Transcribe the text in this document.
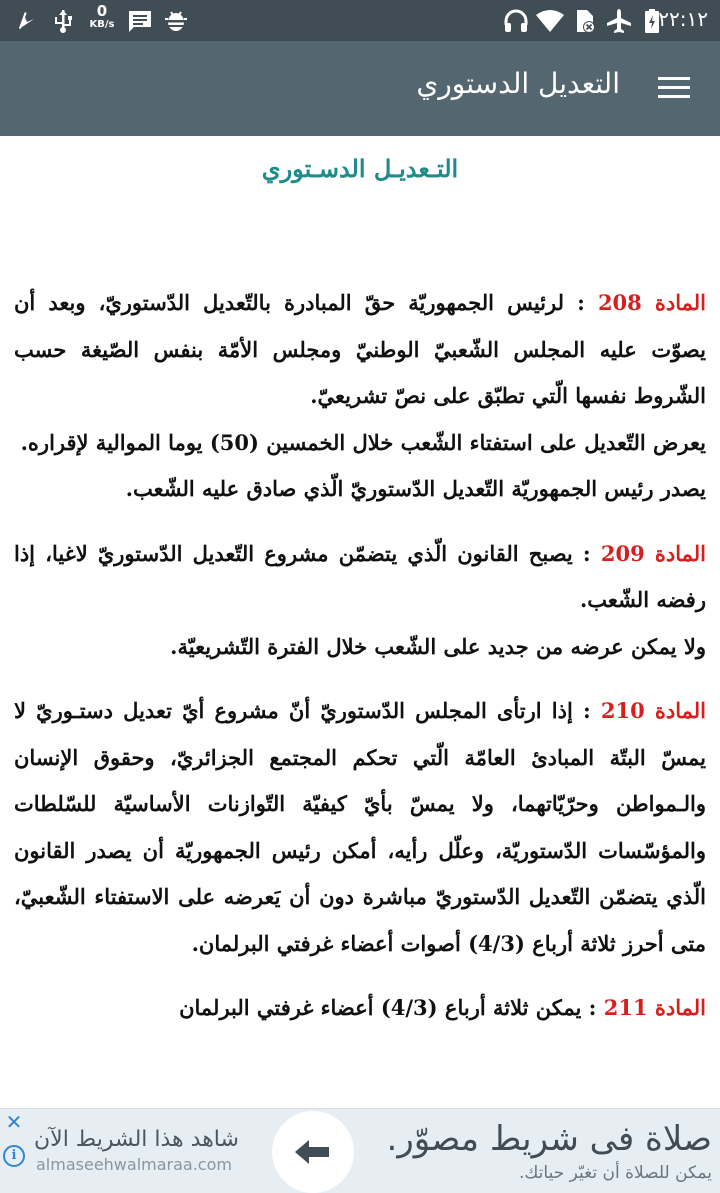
0
KB/s	٢٢:١٢
التعديل الدستوري
التـعديـل الدسـتوري

المادة 208 : لرئيس الجمهوريّة حقّ المبادرة بالتّعديل الدّستوريّ، وبعد أن يصوّت عليه المجلس الشّعبيّ الوطنيّ ومجلس الأمّة بنفس الصّيغة حسب الشّروط نفسها الّتي تطبّق على نصّ تشريعيّ.

يعرض التّعديل على استفتاء الشّعب خلال الخمسين (50) يوما الموالية لإقراره.

يصدر رئيس الجمهوريّة التّعديل الدّستوريّ الّذي صادق عليه الشّعب.

المادة 209 : يصبح القانون الّذي يتضمّن مشروع التّعديل الدّستوريّ لاغيا، إذا رفضه الشّعب.

ولا يمكن عرضه من جديد على الشّعب خلال الفترة التّشريعيّة.

المادة 210 : إذا ارتأى المجلس الدّستوريّ أنّ مشروع أيّ تعديل دستـوريّ لا يمسّ البتّة المبادئ العامّة الّتي تحكم المجتمع الجزائريّ، وحقوق الإنسان والـمواطن وحرّيّاتهما، ولا يمسّ بأيّ كيفيّة التّوازنات الأساسيّة للسّلطات والمؤسّسات الدّستوريّة، وعلّل رأيه، أمكن رئيس الجمهوريّة أن يصدر القانون الّذي يتضمّن التّعديل الدّستوريّ مباشرة دون أن يَعرضه على الاستفتاء الشّعبيّ، متى أحرز ثلاثة أرباع (4/3) أصوات أعضاء غرفتي البرلمان.

المادة 211 : يمكن ثلاثة أرباع (4/3) أعضاء غرفتي البرلمان

✕
i
شاهد هذا الشريط الآن
almaseehwalmaraa.com
صلاة فى شريط مصوّر.
يمكن للصلاة أن تغيّر حياتك.
